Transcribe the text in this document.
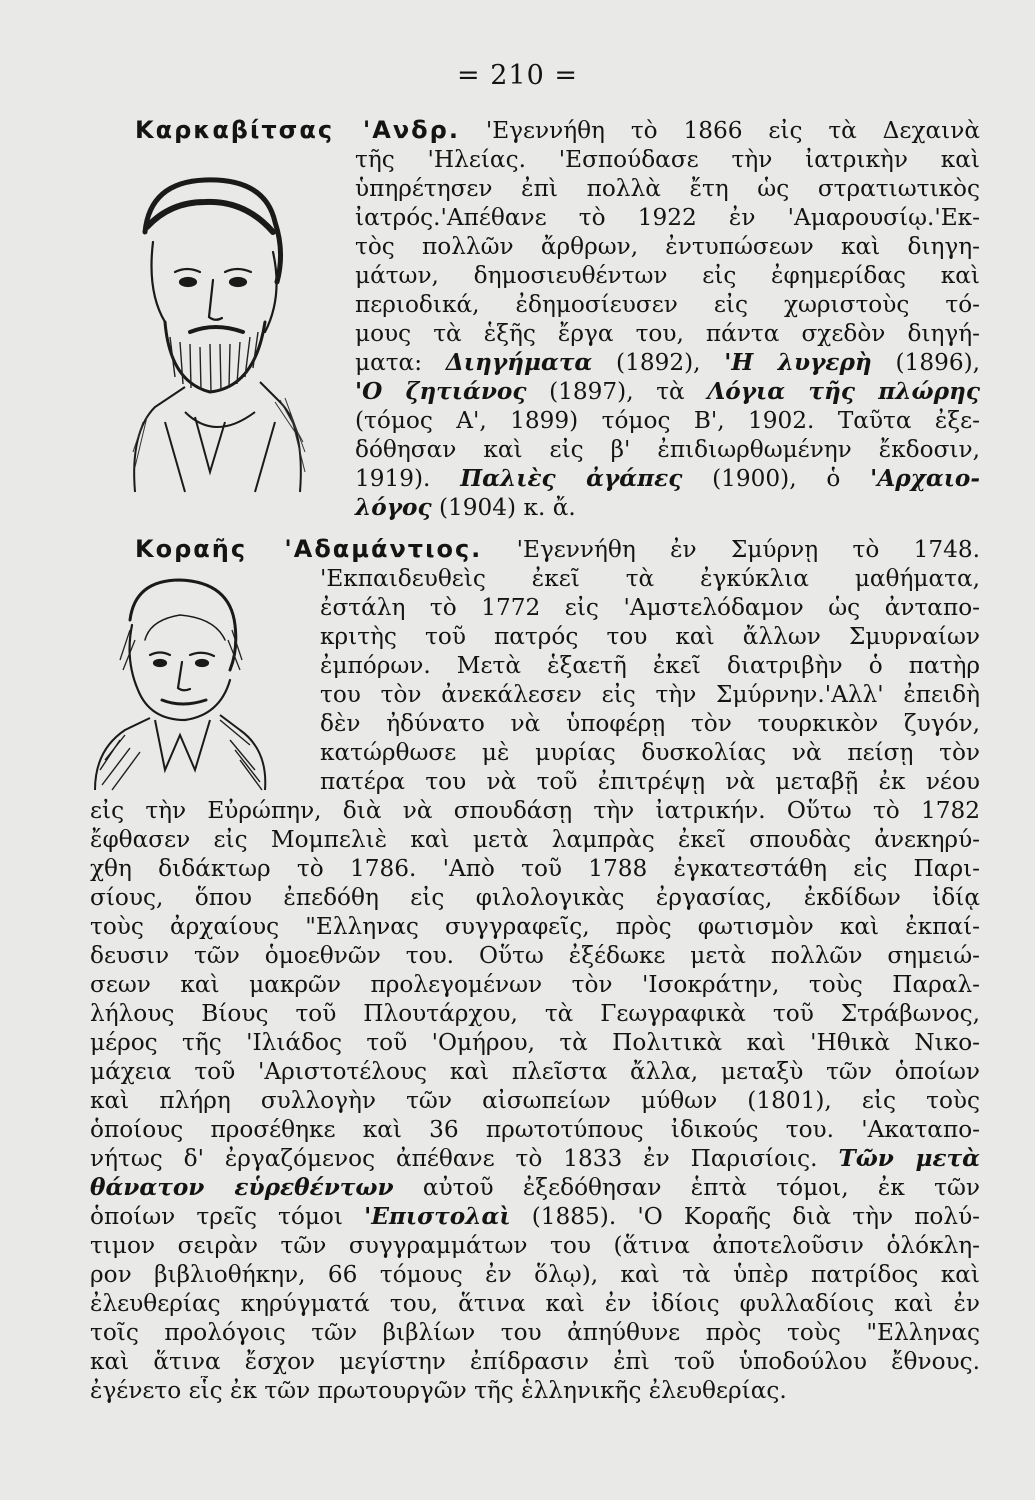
= 210 =
Καρκαβίτσας 'Ανδρ. 'Εγεννήθη τὸ 1866 εἰς τὰ Δεχαινὰ
τῆς 'Ηλείας. 'Εσπούδασε τὴν ἰατρικὴν καὶ
ὑπηρέτησεν ἐπὶ πολλὰ ἔτη ὡς στρατιωτικὸς
ἰατρός.'Απέθανε τὸ 1922 ἐν 'Αμαρουσίῳ.'Εκ-
τὸς πολλῶν ἄρθρων, ἐντυπώσεων καὶ διηγη-
μάτων, δημοσιευθέντων εἰς ἐφημερίδας καὶ
περιοδικά, ἐδημοσίευσεν εἰς χωριστοὺς τό-
μους τὰ ἑξῆς ἔργα του, πάντα σχεδὸν διηγή-
ματα: Διηγήματα (1892), 'Η λυγερὴ (1896),
'Ο ζητιάνος (1897), τὰ Λόγια τῆς πλώρης
(τόμος Α', 1899) τόμος Β', 1902. Ταῦτα ἐξε-
δόθησαν καὶ εἰς β' ἐπιδιωρθωμένην ἔκδοσιν,
1919). Παλιὲς ἀγάπες (1900), ὁ 'Αρχαιο-
λόγος (1904) κ. ἄ.
Κοραῆς 'Αδαμάντιος. 'Εγεννήθη ἐν Σμύρνῃ τὸ 1748.
'Εκπαιδευθεὶς ἐκεῖ τὰ ἐγκύκλια μαθήματα,
ἐστάλη τὸ 1772 εἰς 'Αμστελόδαμον ὡς ἀνταπο-
κριτὴς τοῦ πατρός του καὶ ἄλλων Σμυρναίων
ἐμπόρων. Μετὰ ἑξαετῆ ἐκεῖ διατριβὴν ὁ πατὴρ
του τὸν ἀνεκάλεσεν εἰς τὴν Σμύρνην.'Αλλ' ἐπειδὴ
δὲν ἠδύνατο νὰ ὑποφέρῃ τὸν τουρκικὸν ζυγόν,
κατώρθωσε μὲ μυρίας δυσκολίας νὰ πείσῃ τὸν
πατέρα του νὰ τοῦ ἐπιτρέψῃ νὰ μεταβῇ ἐκ νέου
εἰς τὴν Εὐρώπην, διὰ νὰ σπουδάσῃ τὴν ἰατρικήν. Οὕτω τὸ 1782
ἔφθασεν εἰς Μομπελιὲ καὶ μετὰ λαμπρὰς ἐκεῖ σπουδὰς ἀνεκηρύ-
χθη διδάκτωρ τὸ 1786. 'Απὸ τοῦ 1788 ἐγκατεστάθη εἰς Παρι-
σίους, ὅπου ἐπεδόθη εἰς φιλολογικὰς ἐργασίας, ἐκδίδων ἰδίᾳ
τοὺς ἀρχαίους "Ελληνας συγγραφεῖς, πρὸς φωτισμὸν καὶ ἐκπαί-
δευσιν τῶν ὁμοεθνῶν του. Οὕτω ἐξέδωκε μετὰ πολλῶν σημειώ-
σεων καὶ μακρῶν προλεγομένων τὸν 'Ισοκράτην, τοὺς Παραλ-
λήλους Βίους τοῦ Πλουτάρχου, τὰ Γεωγραφικὰ τοῦ Στράβωνος,
μέρος τῆς 'Ιλιάδος τοῦ 'Ομήρου, τὰ Πολιτικὰ καὶ 'Ηθικὰ Νικο-
μάχεια τοῦ 'Αριστοτέλους καὶ πλεῖστα ἄλλα, μεταξὺ τῶν ὁποίων
καὶ πλήρη συλλογὴν τῶν αἰσωπείων μύθων (1801), εἰς τοὺς
ὁποίους προσέθηκε καὶ 36 πρωτοτύπους ἰδικούς του. 'Ακαταπο-
νήτως δ' ἐργαζόμενος ἀπέθανε τὸ 1833 ἐν Παρισίοις. Τῶν μετὰ
θάνατον εὑρεθέντων αὐτοῦ ἐξεδόθησαν ἑπτὰ τόμοι, ἐκ τῶν
ὁποίων τρεῖς τόμοι 'Επιστολαὶ (1885). 'Ο Κοραῆς διὰ τὴν πολύ-
τιμον σειρὰν τῶν συγγραμμάτων του (ἅτινα ἀποτελοῦσιν ὁλόκλη-
ρον βιβλιοθήκην, 66 τόμους ἐν ὅλῳ), καὶ τὰ ὑπὲρ πατρίδος καὶ
ἐλευθερίας κηρύγματά του, ἅτινα καὶ ἐν ἰδίοις φυλλαδίοις καὶ ἐν
τοῖς προλόγοις τῶν βιβλίων του ἀπηύθυνε πρὸς τοὺς "Ελληνας
καὶ ἅτινα ἔσχον μεγίστην ἐπίδρασιν ἐπὶ τοῦ ὑποδούλου ἔθνους.
ἐγένετο εἷς ἐκ τῶν πρωτουργῶν τῆς ἑλληνικῆς ἐλευθερίας.
